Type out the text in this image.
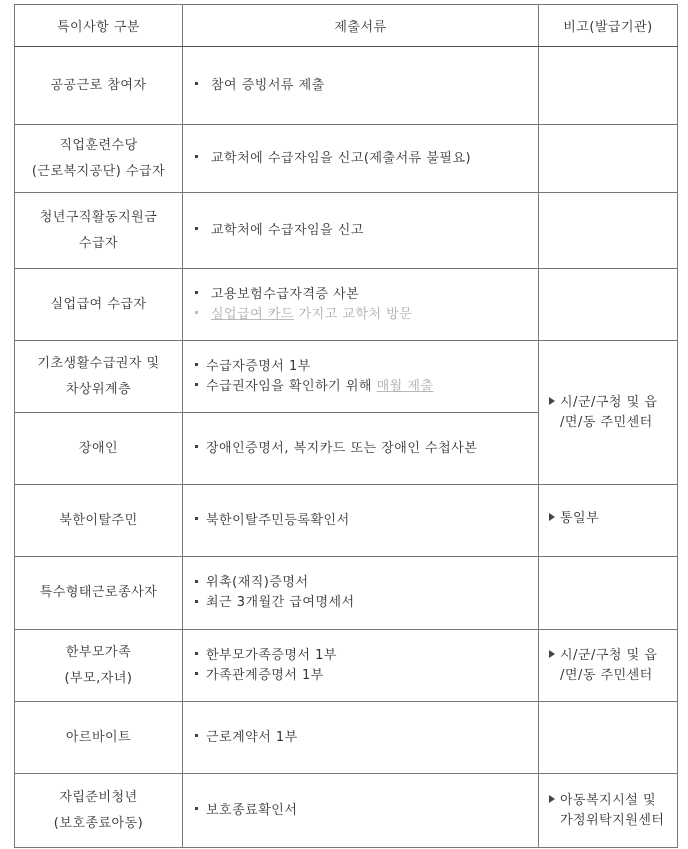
특이사항 구분	제출서류	비고(발급기관)

공공근로 참여자	참여 증빙서류 제출	

직업훈련수당
(근로복지공단) 수급자	교학처에 수급자임을 신고(제출서류 불필요)	

청년구직활동지원금
수급자	교학처에 수급자임을 신고	

실업급여 수급자	고용보험수급자격증 사본
실업급여 카드 가지고 교학처 방문	

기초생활수급권자 및
차상위계층	수급자증명서 1부
수급권자임을 확인하기 위해 매월 제출	시/군/구청 및 읍
/면/동 주민센터

장애인	장애인증명서, 복지카드 또는 장애인 수첩사본	

북한이탈주민	북한이탈주민등록확인서	통일부

특수형태근로종사자	위촉(재직)증명서
최근 3개월간 급여명세서	

한부모가족
(부모,자녀)	한부모가족증명서 1부
가족관계증명서 1부	시/군/구청 및 읍
/면/동 주민센터

아르바이트	근로계약서 1부	

자립준비청년
(보호종료아동)	보호종료확인서	아동복지시설 및
가정위탁지원센터
